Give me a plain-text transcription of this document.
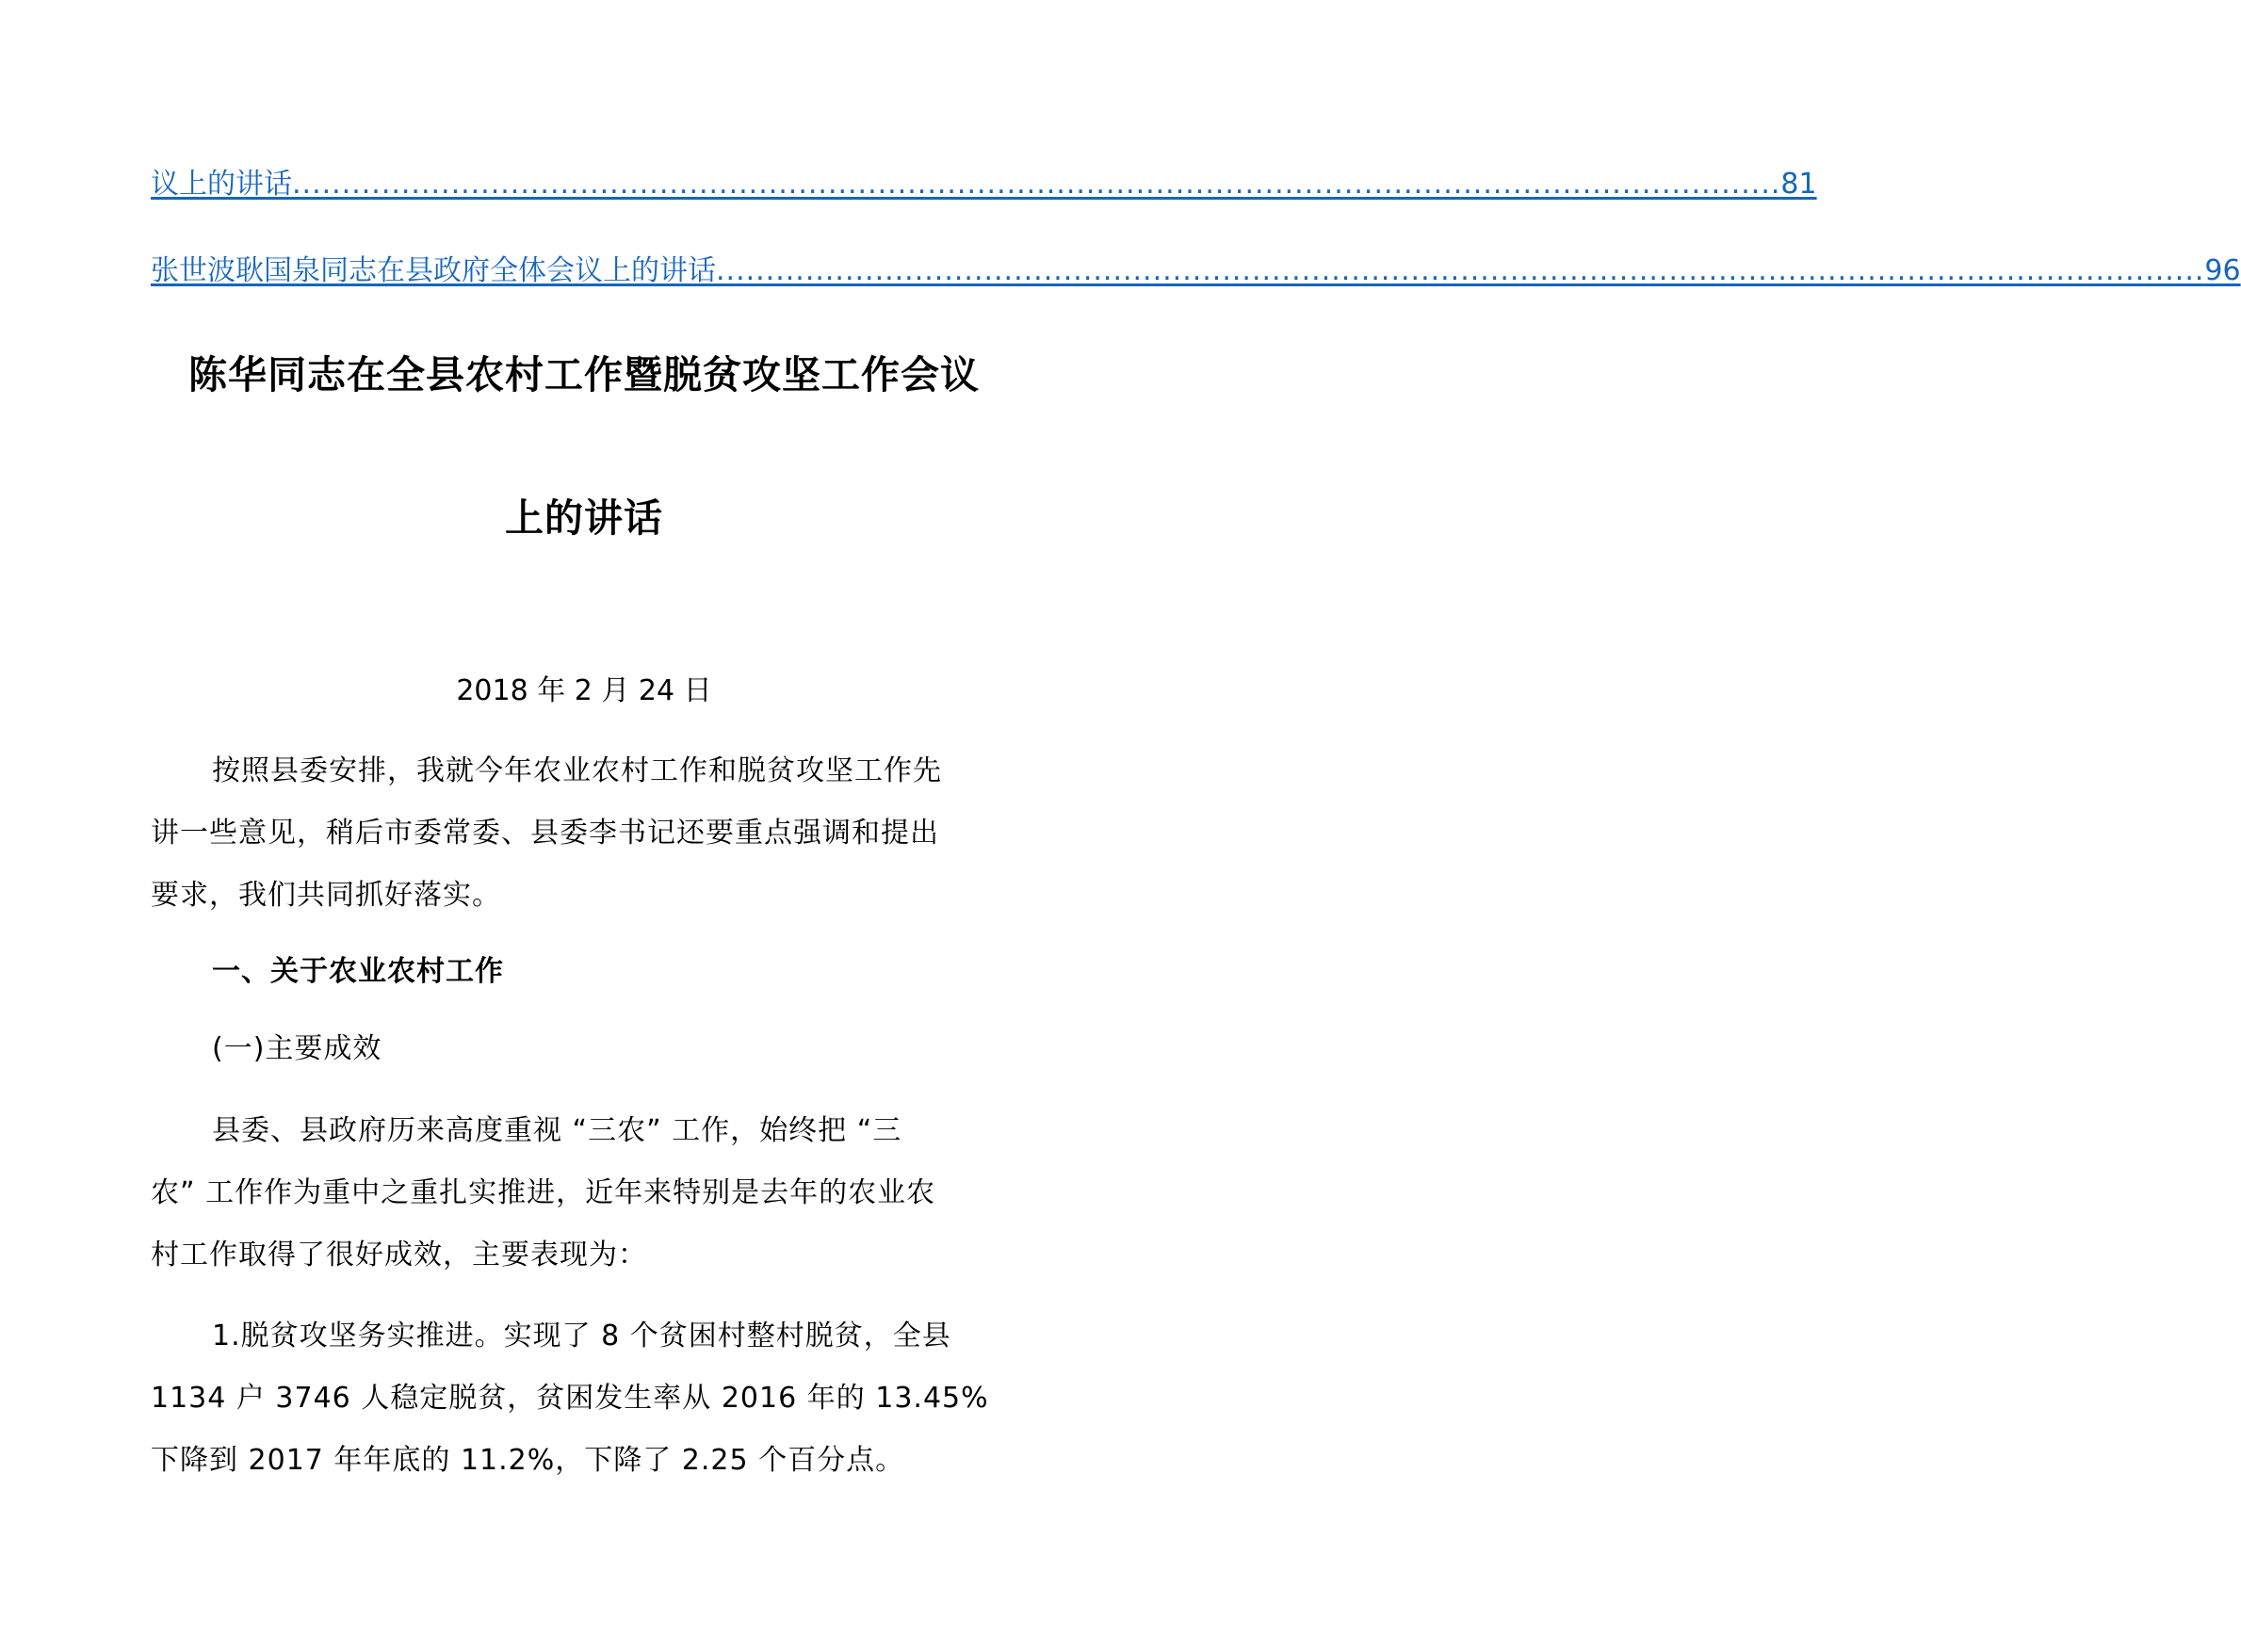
议上的讲话 ...................................................................................................................................................... 81
张世波耿国泉同志在县政府全体会议上的讲话 ...................................................................................................................................................... 96
陈华同志在全县农村工作暨脱贫攻坚工作会议
上的讲话
2018 年 2 月 24 日
按照县委安排，我就今年农业农村工作和脱贫攻坚工作先
讲一些意见，稍后市委常委、县委李书记还要重点强调和提出
要求，我们共同抓好落实。
一、关于农业农村工作
(一)主要成效
县委、县政府历来高度重视 “三农” 工作，始终把 “三
农” 工作作为重中之重扎实推进，近年来特别是去年的农业农
村工作取得了很好成效，主要表现为：
1.脱贫攻坚务实推进。实现了 8 个贫困村整村脱贫，全县
1134 户 3746 人稳定脱贫，贫困发生率从 2016 年的 13.45%
下降到 2017 年年底的 11.2%，下降了 2.25 个百分点。
